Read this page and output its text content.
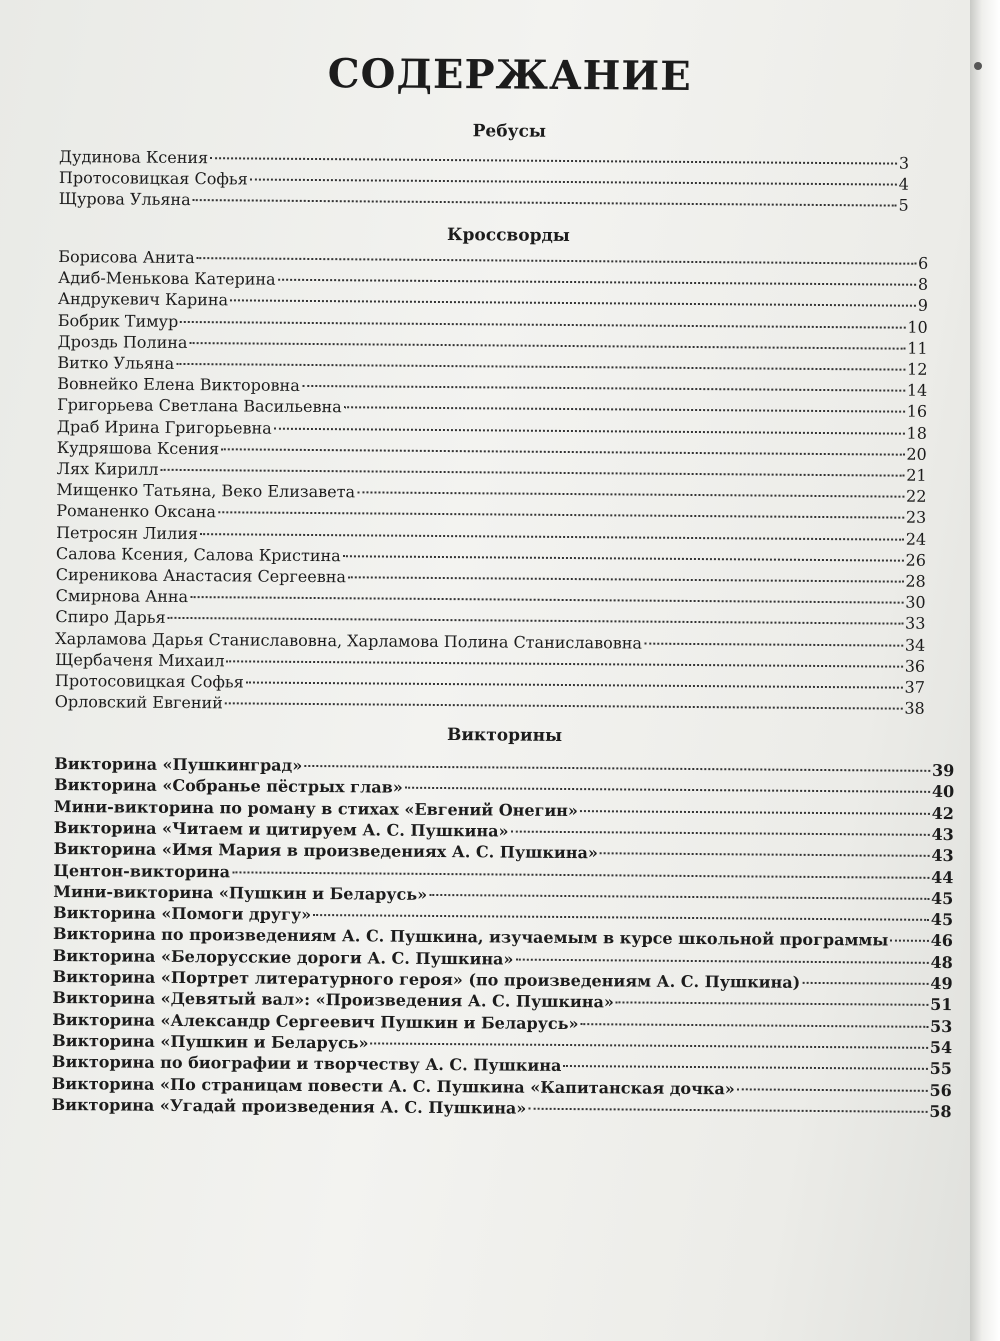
СОДЕРЖАНИЕ
Ребусы
Дудинова Ксения	3
Протосовицкая Софья	4
Щурова Ульяна	5
Кроссворды
Борисова Анита	6
Адиб-Менькова Катерина	8
Андрукевич Карина	9
Бобрик Тимур	10
Дроздь Полина	11
Витко Ульяна	12
Вовнейко Елена Викторовна	14
Григорьева Светлана Васильевна	16
Драб Ирина Григорьевна	18
Кудряшова Ксения	20
Лях Кирилл	21
Мищенко Татьяна, Веко Елизавета	22
Романенко Оксана	23
Петросян Лилия	24
Салова Ксения, Салова Кристина	26
Сиреникова Анастасия Сергеевна	28
Смирнова Анна	30
Спиро Дарья	33
Харламова Дарья Станиславовна, Харламова Полина Станиславовна	34
Щербаченя Михаил	36
Протосовицкая Софья	37
Орловский Евгений	38
Викторины
Викторина «Пушкинград»	39
Викторина «Собранье пёстрых глав»	40
Мини-викторина по роману в стихах «Евгений Онегин»	42
Викторина «Читаем и цитируем А. С. Пушкина»	43
Викторина «Имя Мария в произведениях А. С. Пушкина»	43
Центон-викторина	44
Мини-викторина «Пушкин и Беларусь»	45
Викторина «Помоги другу»	45
Викторина по произведениям А. С. Пушкина, изучаемым в курсе школьной программы	46
Викторина «Белорусские дороги А. С. Пушкина»	48
Викторина «Портрет литературного героя» (по произведениям А. С. Пушкина)	49
Викторина «Девятый вал»: «Произведения А. С. Пушкина»	51
Викторина «Александр Сергеевич Пушкин и Беларусь»	53
Викторина «Пушкин и Беларусь»	54
Викторина по биографии и творчеству А. С. Пушкина	55
Викторина «По страницам повести А. С. Пушкина «Капитанская дочка»	56
Викторина «Угадай произведения А. С. Пушкина»	58
